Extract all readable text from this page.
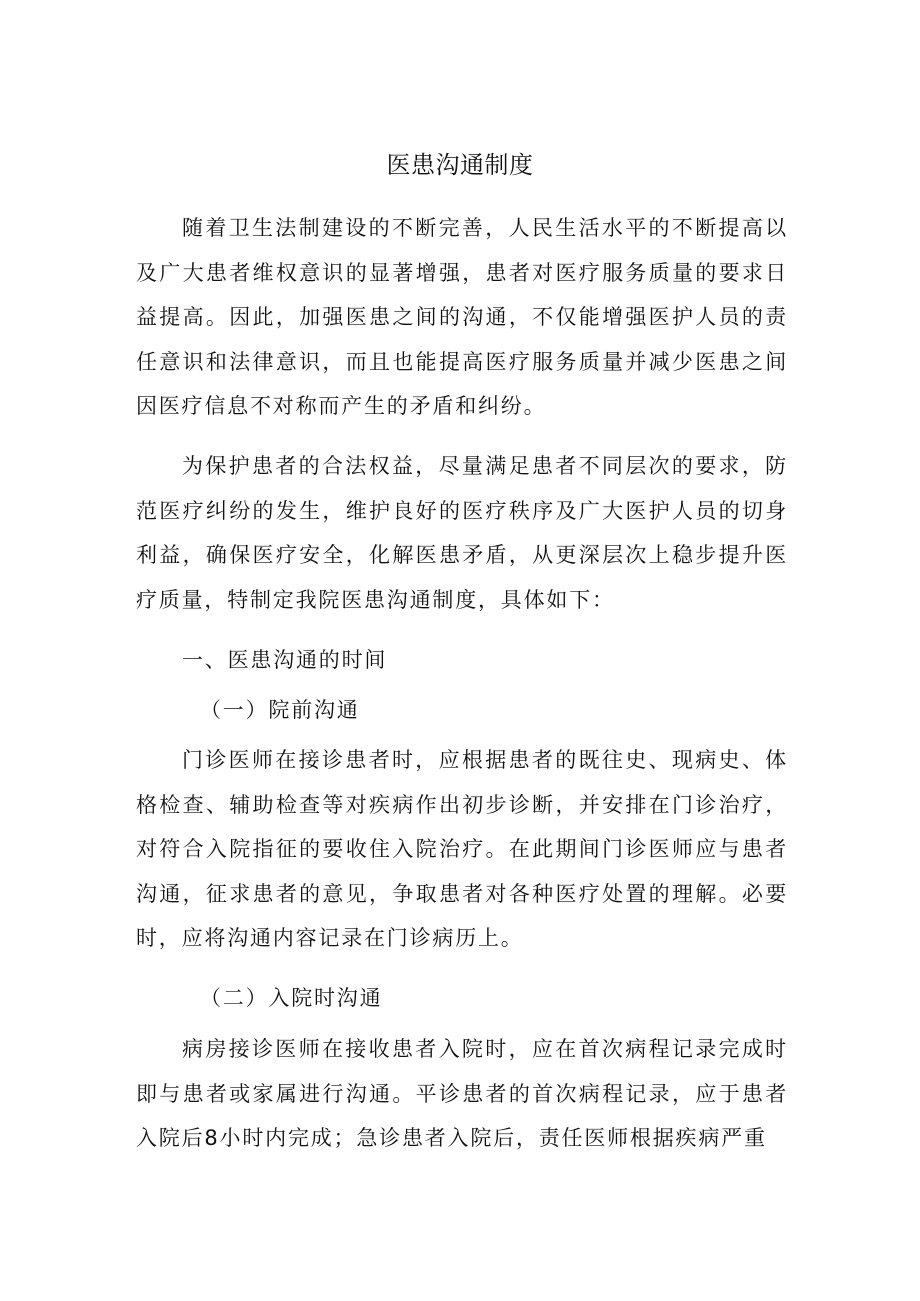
医患沟通制度
随着卫生法制建设的不断完善，人民生活水平的不断提高以及广大患者维权意识的显著增强，患者对医疗服务质量的要求日益提高。因此，加强医患之间的沟通，不仅能增强医护人员的责任意识和法律意识，而且也能提高医疗服务质量并减少医患之间因医疗信息不对称而产生的矛盾和纠纷。
为保护患者的合法权益，尽量满足患者不同层次的要求，防范医疗纠纷的发生，维护良好的医疗秩序及广大医护人员的切身利益，确保医疗安全，化解医患矛盾，从更深层次上稳步提升医疗质量，特制定我院医患沟通制度，具体如下：
一、医患沟通的时间
（一）院前沟通
门诊医师在接诊患者时，应根据患者的既往史、现病史、体格检查、辅助检查等对疾病作出初步诊断，并安排在门诊治疗，对符合入院指征的要收住入院治疗。在此期间门诊医师应与患者沟通，征求患者的意见，争取患者对各种医疗处置的理解。必要时，应将沟通内容记录在门诊病历上。
（二）入院时沟通
病房接诊医师在接收患者入院时，应在首次病程记录完成时即与患者或家属进行沟通。平诊患者的首次病程记录，应于患者入院后8小时内完成；急诊患者入院后，责任医师根据疾病严重
